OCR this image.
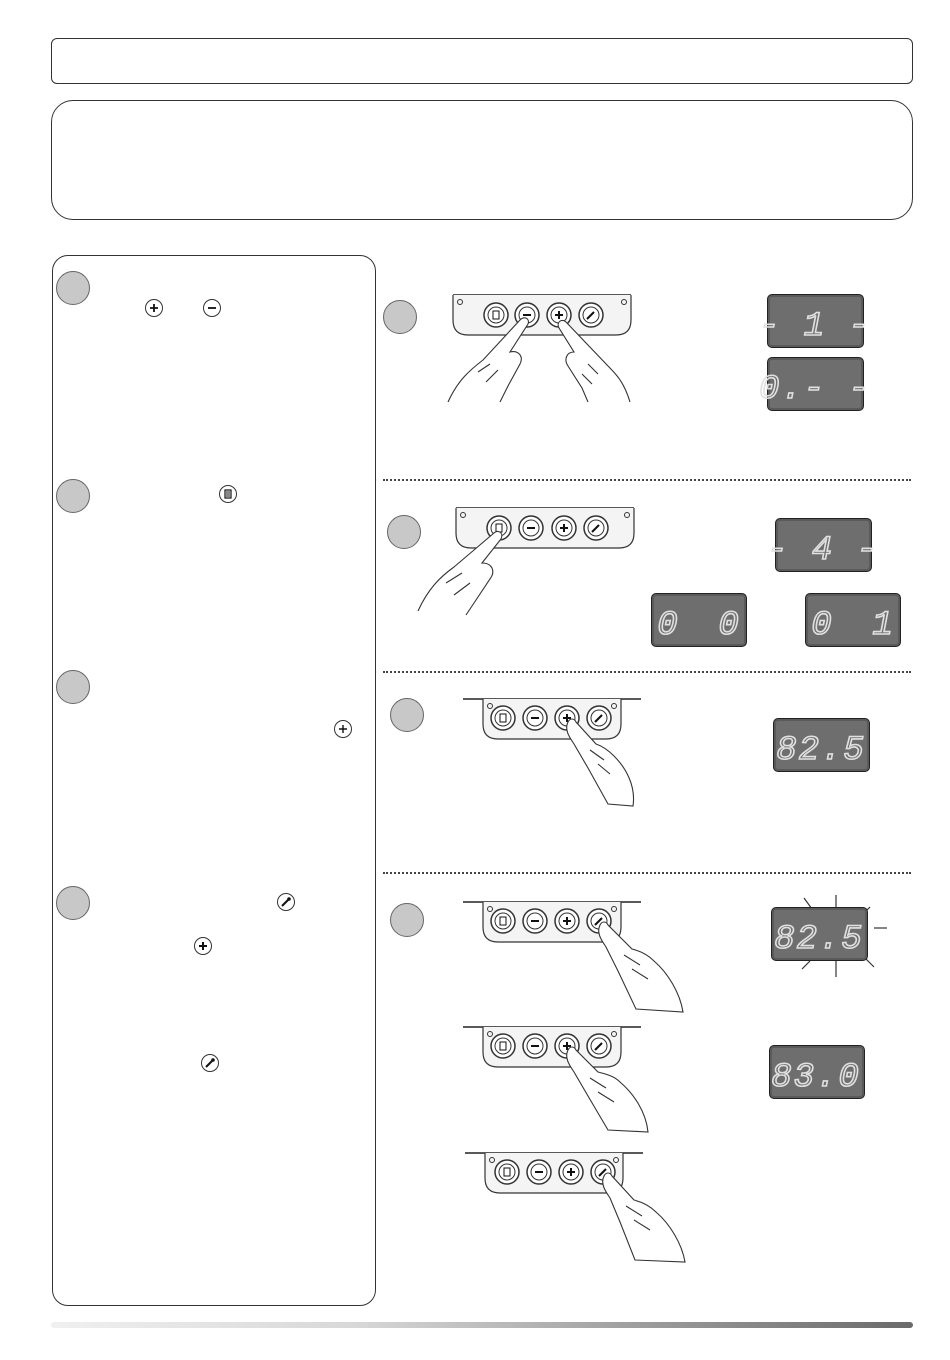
- 1 -
0.- -
- 4 -
0  0 0  1
82.5
82.5
83.0
